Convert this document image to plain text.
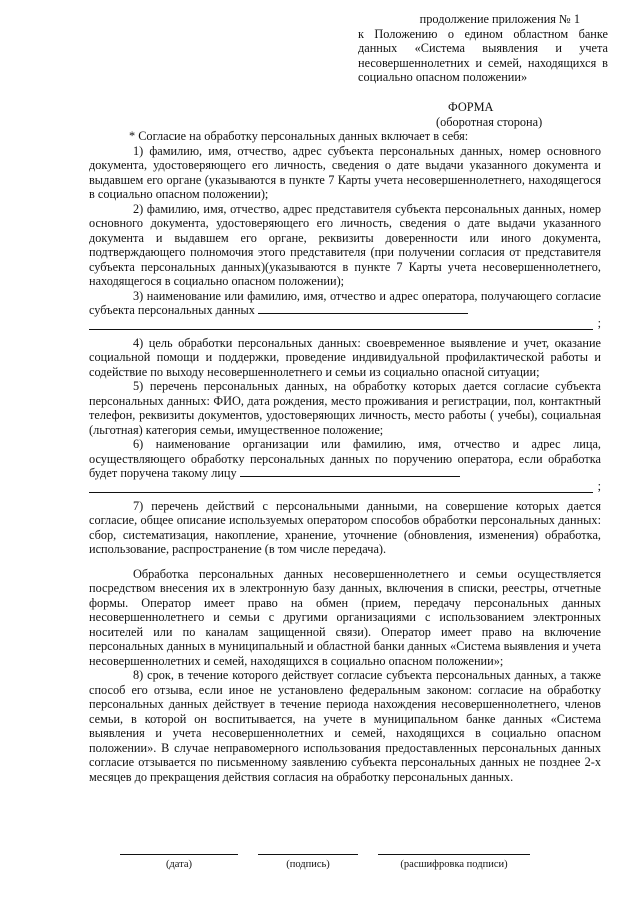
продолжение приложения № 1
к Положению о едином областном банке данных «Система выявления и учета несовершеннолетних и семей, находящихся в социально опасном положении»
ФОРМА
(оборотная сторона)

* Согласие на обработку персональных данных включает в себя:

1) фамилию, имя, отчество, адрес субъекта персональных данных, номер основного документа, удостоверяющего его личность, сведения о дате выдачи указанного документа и выдавшем его органе (указываются в пункте 7 Карты учета несовершеннолетнего, находящегося в социально опасном положении);

2) фамилию, имя, отчество, адрес представителя субъекта персональных данных, номер основного документа, удостоверяющего его личность, сведения о дате выдачи указанного документа и выдавшем его органе, реквизиты доверенности или иного документа, подтверждающего полномочия этого представителя (при получении согласия от представителя субъекта персональных данных)(указываются в пункте 7 Карты учета несовершеннолетнего, находящегося в социально опасном положении);

3) наименование или фамилию, имя, отчество и адрес оператора, получающего согласие субъекта персональных данных

;

4) цель обработки персональных данных: своевременное выявление и учет, оказание социальной помощи и поддержки, проведение индивидуальной профилактической работы и содействие по выходу несовершеннолетнего и семьи из социально опасной ситуации;

5) перечень персональных данных, на обработку которых дается согласие субъекта персональных данных: ФИО, дата рождения, место проживания и регистрации, пол, контактный телефон, реквизиты документов, удостоверяющих личность, место работы ( учебы), социальная (льготная) категория семьи, имущественное положение;

6) наименование организации или фамилию, имя, отчество и адрес лица, осуществляющего обработку персональных данных по поручению оператора, если обработка будет поручена такому лицу

;

7) перечень действий с персональными данными, на совершение которых дается согласие, общее описание используемых оператором способов обработки персональных данных: сбор, систематизация, накопление, хранение, уточнение (обновления, изменения) обработка, использование, распространение (в том числе передача).

Обработка персональных данных несовершеннолетнего и семьи осуществляется посредством внесения их в электронную базу данных, включения в списки, реестры, отчетные формы. Оператор имеет право на обмен (прием, передачу персональных данных несовершеннолетнего и семьи с другими организациями с использованием электронных носителей или по каналам защищенной связи). Оператор имеет право на включение персональных данных в муниципальный и областной банки данных «Система выявления и учета несовершеннолетних и семей, находящихся в социально опасном положении»;

8) срок, в течение которого действует согласие субъекта персональных данных, а также способ его отзыва, если иное не установлено федеральным законом: согласие на обработку персональных данных действует в течение периода нахождения несовершеннолетнего, членов семьи, в которой он воспитывается, на учете в муниципальном банке данных «Система выявления и учета несовершеннолетних и семей, находящихся в социально опасном положении». В случае неправомерного использования предоставленных персональных данных согласие отзывается по письменному заявлению субъекта персональных данных не позднее 2-х месяцев до прекращения действия согласия на обработку персональных данных.

(дата)	(подпись)	(расшифровка подписи)
